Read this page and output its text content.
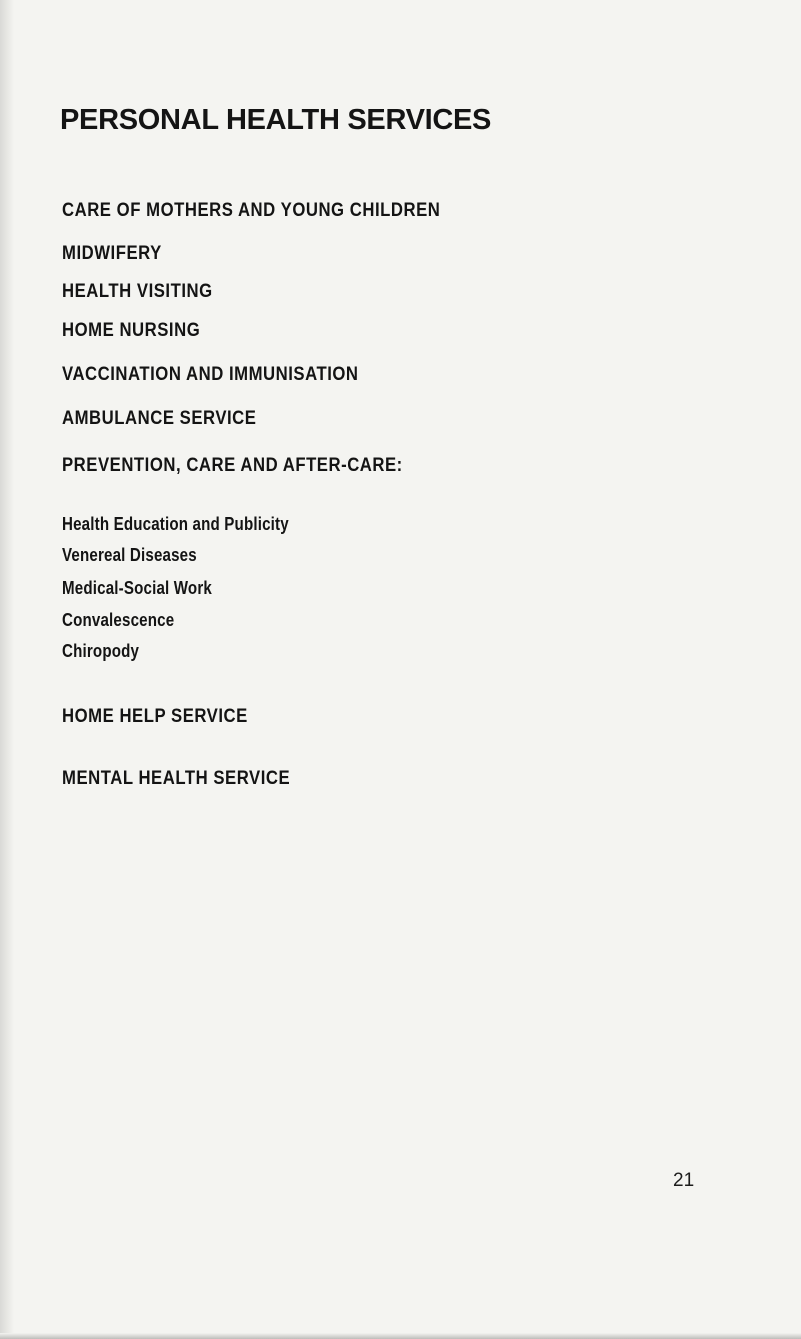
PERSONAL HEALTH SERVICES

CARE OF MOTHERS AND YOUNG CHILDREN

MIDWIFERY

HEALTH VISITING

HOME NURSING

VACCINATION AND IMMUNISATION

AMBULANCE SERVICE

PREVENTION, CARE AND AFTER-CARE:

Health Education and Publicity

Venereal Diseases

Medical-Social Work

Convalescence

Chiropody

HOME HELP SERVICE

MENTAL HEALTH SERVICE

21
